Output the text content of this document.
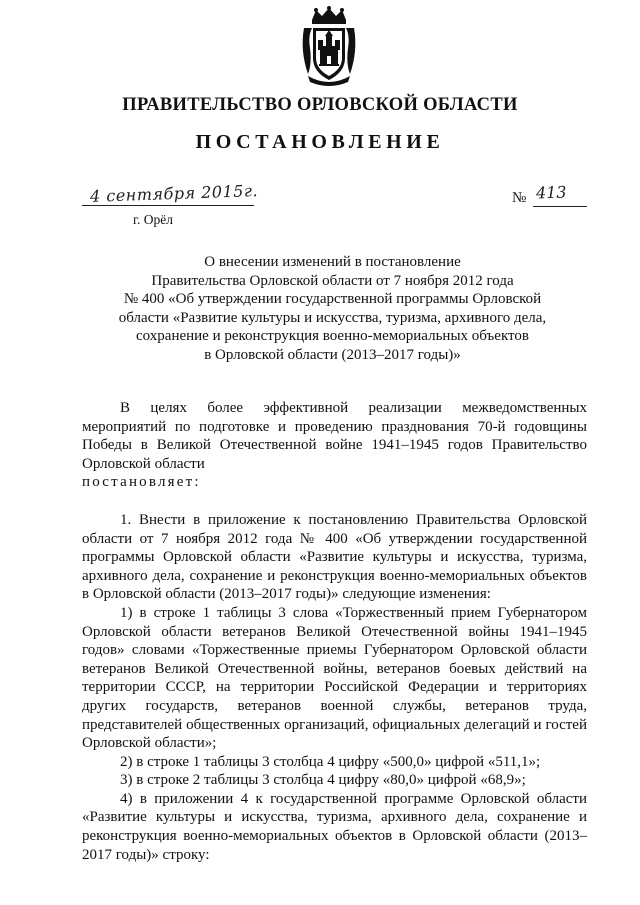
ПРАВИТЕЛЬСТВО ОРЛОВСКОЙ ОБЛАСТИ
ПОСТАНОВЛЕНИЕ
4 сентября 2015г.	№ 413
г. Орёл
О внесении изменений в постановление
Правительства Орловской области от 7 ноября 2012 года
№ 400 «Об утверждении государственной программы Орловской
области «Развитие культуры и искусства, туризма, архивного дела,
сохранение и реконструкция военно-мемориальных объектов
в Орловской области (2013–2017 годы)»

В целях более эффективной реализации межведомственных мероприятий по подготовке и проведению празднования 70-й годовщины Победы в Великой Отечественной войне 1941–1945 годов Правительство Орловской области

постановляет:

1. Внести в приложение к постановлению Правительства Орловской области от 7 ноября 2012 года № 400 «Об утверждении государственной программы Орловской области «Развитие культуры и искусства, туризма, архивного дела, сохранение и реконструкция военно-мемориальных объектов в Орловской области (2013–2017 годы)» следующие изменения:

1) в строке 1 таблицы 3 слова «Торжественный прием Губернатором Орловской области ветеранов Великой Отечественной войны 1941–1945 годов» словами «Торжественные приемы Губернатором Орловской области ветеранов Великой Отечественной войны, ветеранов боевых действий на территории СССР, на территории Российской Федерации и территориях других государств, ветеранов военной службы, ветеранов труда, представителей общественных организаций, официальных делегаций и гостей Орловской области»;

2) в строке 1 таблицы 3 столбца 4 цифру «500,0» цифрой «511,1»;

3) в строке 2 таблицы 3 столбца 4 цифру «80,0» цифрой «68,9»;

4) в приложении 4 к государственной программе Орловской области «Развитие культуры и искусства, туризма, архивного дела, сохранение и реконструкция военно-мемориальных объектов в Орловской области (2013–2017 годы)» строку:
